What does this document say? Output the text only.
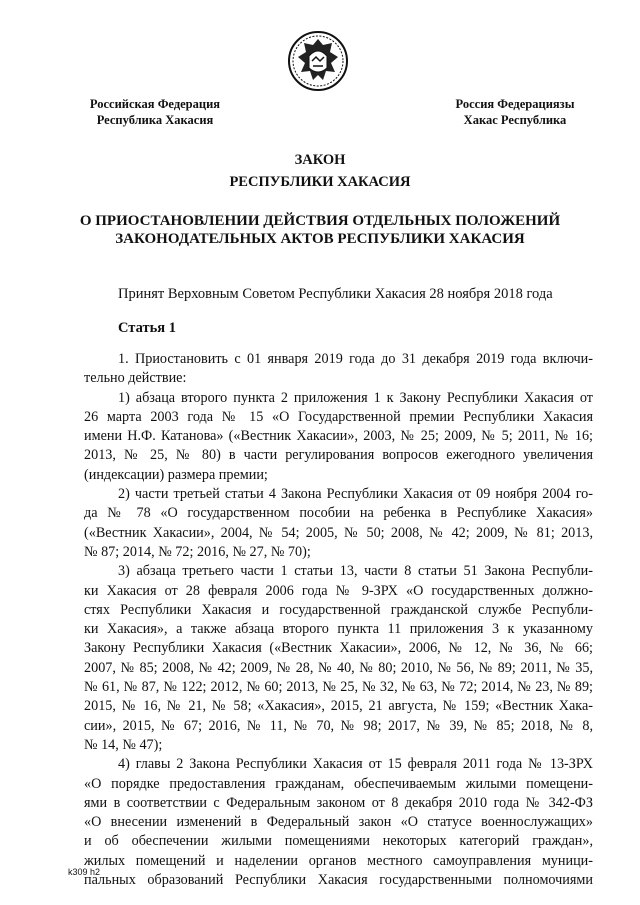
Российская Федерация
Республика Хакасия
Россия Федерациязы
Хакас Республика
ЗАКОН
РЕСПУБЛИКИ ХАКАСИЯ
О ПРИОСТАНОВЛЕНИИ ДЕЙСТВИЯ ОТДЕЛЬНЫХ ПОЛОЖЕНИЙ
ЗАКОНОДАТЕЛЬНЫХ АКТОВ РЕСПУБЛИКИ ХАКАСИЯ
Принят Верховным Советом Республики Хакасия 28 ноября 2018 года
Статья 1
1. Приостановить с 01 января 2019 года до 31 декабря 2019 года включи-
тельно действие:
1) абзаца второго пункта 2 приложения 1 к Закону Республики Хакасия от
26 марта 2003 года № 15 «О Государственной премии Республики Хакасия
имени Н.Ф. Катанова» («Вестник Хакасии», 2003, № 25; 2009, № 5; 2011, № 16;
2013, № 25, № 80) в части регулирования вопросов ежегодного увеличения
(индексации) размера премии;
2) части третьей статьи 4 Закона Республики Хакасия от 09 ноября 2004 го-
да № 78 «О государственном пособии на ребенка в Республике Хакасия»
(«Вестник Хакасии», 2004, № 54; 2005, № 50; 2008, № 42; 2009, № 81; 2013,
№ 87; 2014, № 72; 2016, № 27, № 70);
3) абзаца третьего части 1 статьи 13, части 8 статьи 51 Закона Республи-
ки Хакасия от 28 февраля 2006 года № 9-ЗРХ «О государственных должно-
стях Республики Хакасия и государственной гражданской службе Республи-
ки Хакасия», а также абзаца второго пункта 11 приложения 3 к указанному
Закону Республики Хакасия («Вестник Хакасии», 2006, № 12, № 36, № 66;
2007, № 85; 2008, № 42; 2009, № 28, № 40, № 80; 2010, № 56, № 89; 2011, № 35,
№ 61, № 87, № 122; 2012, № 60; 2013, № 25, № 32, № 63, № 72; 2014, № 23, № 89;
2015, № 16, № 21, № 58; «Хакасия», 2015, 21 августа, № 159; «Вестник Хака-
сии», 2015, № 67; 2016, № 11, № 70, № 98; 2017, № 39, № 85; 2018, № 8,
№ 14, № 47);
4) главы 2 Закона Республики Хакасия от 15 февраля 2011 года № 13-ЗРХ
«О порядке предоставления гражданам, обеспечиваемым жилыми помещени-
ями в соответствии с Федеральным законом от 8 декабря 2010 года № 342-ФЗ
«О внесении изменений в Федеральный закон «О статусе военнослужащих»
и об обеспечении жилыми помещениями некоторых категорий граждан»,
жилых помещений и наделении органов местного самоуправления муници-
пальных образований Республики Хакасия государственными полномочиями
k309 h2
